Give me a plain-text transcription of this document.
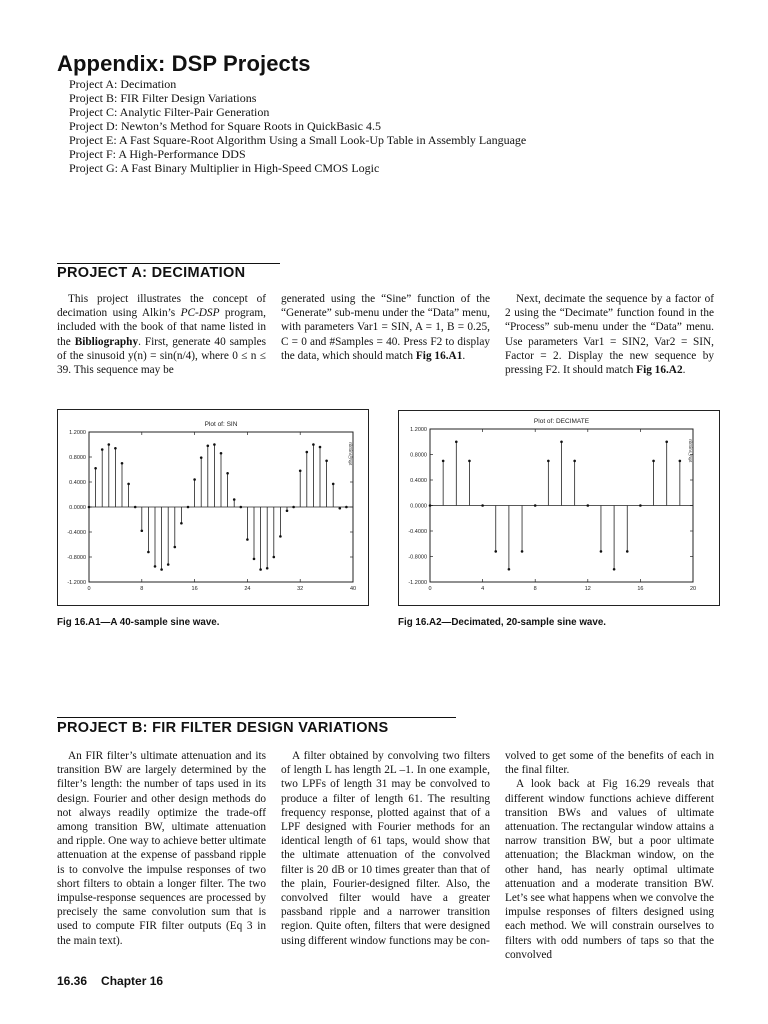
Appendix: DSP Projects
Project A: Decimation
Project B: FIR Filter Design Variations
Project C: Analytic Filter-Pair Generation
Project D: Newton’s Method for Square Roots in QuickBasic 4.5
Project E: A Fast Square-Root Algorithm Using a Small Look-Up Table in Assembly Language
Project F: A High-Performance DDS
Project G: A Fast Binary Multiplier in High-Speed CMOS Logic
PROJECT A: DECIMATION
This project illustrates the concept of decimation using Alkin’s PC-DSP program, included with the book of that name listed in the Bibliography. First, generate 40 samples of the sinusoid y(n) = sin(n/4), where 0 ≤ n ≤ 39. This sequence may be
generated using the “Sine” function of the “Generate” sub-menu under the “Data” menu, with parameters Var1 = SIN, A = 1, B = 0.25, C = 0 and #Samples = 40. Press F2 to display the data, which should match Fig 16.A1.
Next, decimate the sequence by a factor of 2 using the “Decimate” function found in the “Process” sub-menu under the “Data” menu. Use parameters Var1 = SIN2, Var2 = SIN, Factor = 2. Display the new sequence by pressing F2. It should match Fig 16.A2.
Plot of: SIN
nbSins_Npt
1.2000
0.8000
0.4000
0.0000
-0.4000
-0.8000
-1.2000
0	8	16	24	32	40

Fig 16.A1—A 40-sample sine wave.

Plot of: DECIMATE
nbSins_Npt
1.2000
0.8000
0.4000
0.0000
-0.4000
-0.8000
-1.2000
0	4	8	12	16	20

Fig 16.A2—Decimated, 20-sample sine wave.

PROJECT B: FIR FILTER DESIGN VARIATIONS
An FIR filter’s ultimate attenuation and its transition BW are largely determined by the filter’s length: the number of taps used in its design. Fourier and other design methods do not always readily optimize the trade-off among transition BW, ultimate attenuation and ripple. One way to achieve better ultimate attenuation at the expense of passband ripple is to convolve the impulse responses of two short filters to obtain a longer filter. The two impulse-response sequences are processed by precisely the same convolution sum that is used to compute FIR filter outputs (Eq 3 in the main text).
A filter obtained by convolving two filters of length L has length 2L –1. In one example, two LPFs of length 31 may be convolved to produce a filter of length 61. The resulting frequency response, plotted against that of a LPF designed with Fourier methods for an identical length of 61 taps, would show that the ultimate attenuation of the convolved filter is 20 dB or 10 times greater than that of the plain, Fourier-designed filter. Also, the convolved filter would have a greater passband ripple and a narrower transition region. Quite often, filters that were designed using different window functions may be con-

volved to get some of the benefits of each in the final filter.

A look back at Fig 16.29 reveals that different window functions achieve different transition BWs and values of ultimate attenuation. The rectangular window attains a narrow transition BW, but a poor ultimate attenuation; the Blackman window, on the other hand, has nearly optimal ultimate attenuation and a moderate transition BW. Let’s see what happens when we convolve the impulse responses of filters designed using each method. We will constrain ourselves to filters with odd numbers of taps so that the convolved

16.36 Chapter 16
